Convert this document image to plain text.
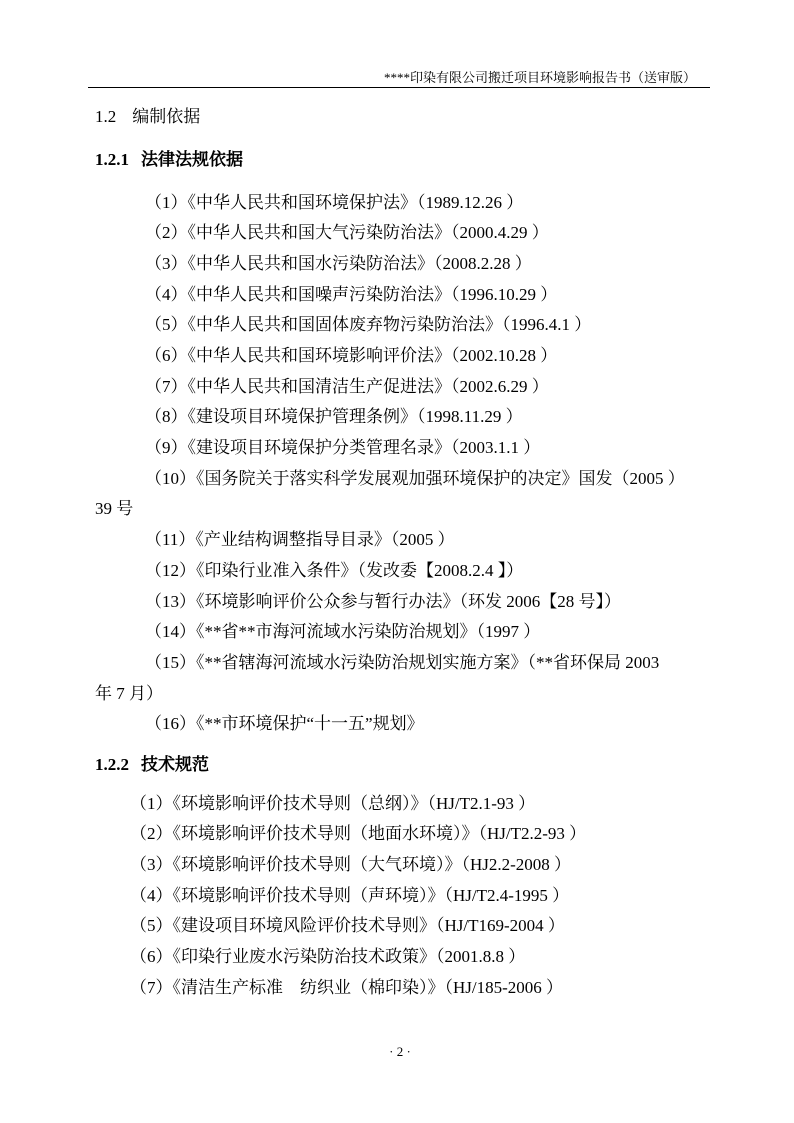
****印染有限公司搬迁项目环境影响报告书（送审版）
1.2 编制依据
1.2.1 法律法规依据
（1）《中华人民共和国环境保护法》（1989.12.26 ）
（2）《中华人民共和国大气污染防治法》（2000.4.29 ）
（3）《中华人民共和国水污染防治法》（2008.2.28 ）
（4）《中华人民共和国噪声污染防治法》（1996.10.29 ）
（5）《中华人民共和国固体废弃物污染防治法》（1996.4.1 ）
（6）《中华人民共和国环境影响评价法》（2002.10.28 ）
（7）《中华人民共和国清洁生产促进法》（2002.6.29 ）
（8）《建设项目环境保护管理条例》（1998.11.29 ）
（9）《建设项目环境保护分类管理名录》（2003.1.1 ）
（10）《国务院关于落实科学发展观加强环境保护的决定》国发（2005 ）
39 号
（11）《产业结构调整指导目录》（2005 ）
（12）《印染行业准入条件》（发改委【2008.2.4 】）
（13）《环境影响评价公众参与暂行办法》（环发 2006【28 号】）
（14）《**省**市海河流域水污染防治规划》（1997 ）
（15）《**省辖海河流域水污染防治规划实施方案》（**省环保局 2003
年 7 月）
（16）《**市环境保护“十一五”规划》
1.2.2 技术规范
（1）《环境影响评价技术导则（总纲）》（HJ/T2.1-93 ）
（2）《环境影响评价技术导则（地面水环境）》（HJ/T2.2-93 ）
（3）《环境影响评价技术导则（大气环境）》（HJ2.2-2008 ）
（4）《环境影响评价技术导则（声环境）》（HJ/T2.4-1995 ）
（5）《建设项目环境风险评价技术导则》（HJ/T169-2004 ）
（6）《印染行业废水污染防治技术政策》（2001.8.8 ）
（7）《清洁生产标准　纺织业（棉印染）》（HJ/185-2006 ）
· 2 ·
